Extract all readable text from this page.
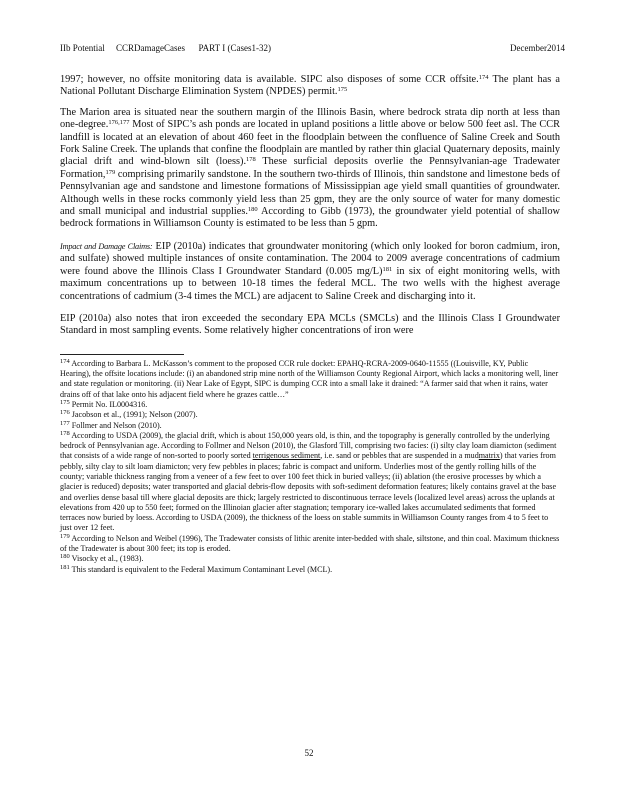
IIb Potential     CCRDamageCases      PART I (Cases1-32)	December2014

1997; however, no offsite monitoring data is available. SIPC also disposes of some CCR offsite.$^{174}$ The plant has a National Pollutant Discharge Elimination System (NPDES) permit.$^{175}$

The Marion area is situated near the southern margin of the Illinois Basin, where bedrock strata dip north at less than one-degree.$^{176,177}$ Most of SIPC’s ash ponds are located in upland positions a little above or below 500 feet asl. The CCR landfill is located at an elevation of about 460 feet in the floodplain between the confluence of Saline Creek and South Fork Saline Creek. The uplands that confine the floodplain are mantled by rather thin glacial Quaternary deposits, mainly glacial drift and wind-blown silt (loess).$^{178}$ These surficial deposits overlie the Pennsylvanian-age Tradewater Formation,$^{179}$ comprising primarily sandstone. In the southern two-thirds of Illinois, thin sandstone and limestone beds of Pennsylvanian age and sandstone and limestone formations of Mississippian age yield small quantities of groundwater. Although wells in these rocks commonly yield less than 25 gpm, they are the only source of water for many domestic and small municipal and industrial supplies.$^{180}$ According to Gibb (1973), the groundwater yield potential of shallow bedrock formations in Williamson County is estimated to be less than 5 gpm.

Impact and Damage Claims: EIP (2010a) indicates that groundwater monitoring (which only looked for boron cadmium, iron, and sulfate) showed multiple instances of onsite contamination. The 2004 to 2009 average concentrations of cadmium were found above the Illinois Class I Groundwater Standard (0.005 mg/L)$^{181}$ in six of eight monitoring wells, with maximum concentrations up to between 10-18 times the federal MCL. The two wells with the highest average concentrations of cadmium (3-4 times the MCL) are adjacent to Saline Creek and discharging into it.

EIP (2010a) also notes that iron exceeded the secondary EPA MCLs (SMCLs) and the Illinois Class I Groundwater Standard in most sampling events. Some relatively higher concentrations of iron were

$^{174}$ According to Barbara L. McKasson’s comment to the proposed CCR rule docket: EPAHQ-RCRA-2009-0640-11555 ((Louisville, KY, Public Hearing), the offsite locations include: (i) an abandoned strip mine north of the Williamson County Regional Airport, which lacks a monitoring well, liner and state regulation or monitoring. (ii) Near Lake of Egypt, SIPC is dumping CCR into a small lake it drained: “A farmer said that when it rains, water drains off of that lake onto his adjacent field where he grazes cattle…”

$^{175}$ Permit No. IL0004316.

$^{176}$ Jacobson et al., (1991); Nelson (2007).

$^{177}$ Follmer and Nelson (2010).

$^{178}$ According to USDA (2009), the glacial drift, which is about 150,000 years old, is thin, and the topography is generally controlled by the underlying bedrock of Pennsylvanian age. According to Follmer and Nelson (2010), the Glasford Till, comprising two facies: (i) silty clay loam diamicton (sediment that consists of a wide range of non-sorted to poorly sorted terrigenous sediment, i.e. sand or pebbles that are suspended in a mudmatrix) that varies from pebbly, silty clay to silt loam diamicton; very few pebbles in places; fabric is compact and uniform. Underlies most of the gently rolling hills of the county; variable thickness ranging from a veneer of a few feet to over 100 feet thick in buried valleys; (ii) ablation (the erosive processes by which a glacier is reduced) deposits; water transported and glacial debris-flow deposits with soft-sediment deformation features; likely contains gravel at the base and overlies dense basal till where glacial deposits are thick; largely restricted to discontinuous terrace levels (localized level areas) across the uplands at elevations from 420 up to 550 feet; formed on the Illinoian glacier after stagnation; temporary ice-walled lakes accumulated sediments that formed terraces now buried by loess. According to USDA (2009), the thickness of the loess on stable summits in Williamson County ranges from 4 to 5 feet to just over 12 feet.

$^{179}$ According to Nelson and Weibel (1996), The Tradewater consists of lithic arenite inter-bedded with shale, siltstone, and thin coal. Maximum thickness of the Tradewater is about 300 feet; its top is eroded.

$^{180}$ Visocky et al., (1983).

$^{181}$ This standard is equivalent to the Federal Maximum Contaminant Level (MCL).

52
